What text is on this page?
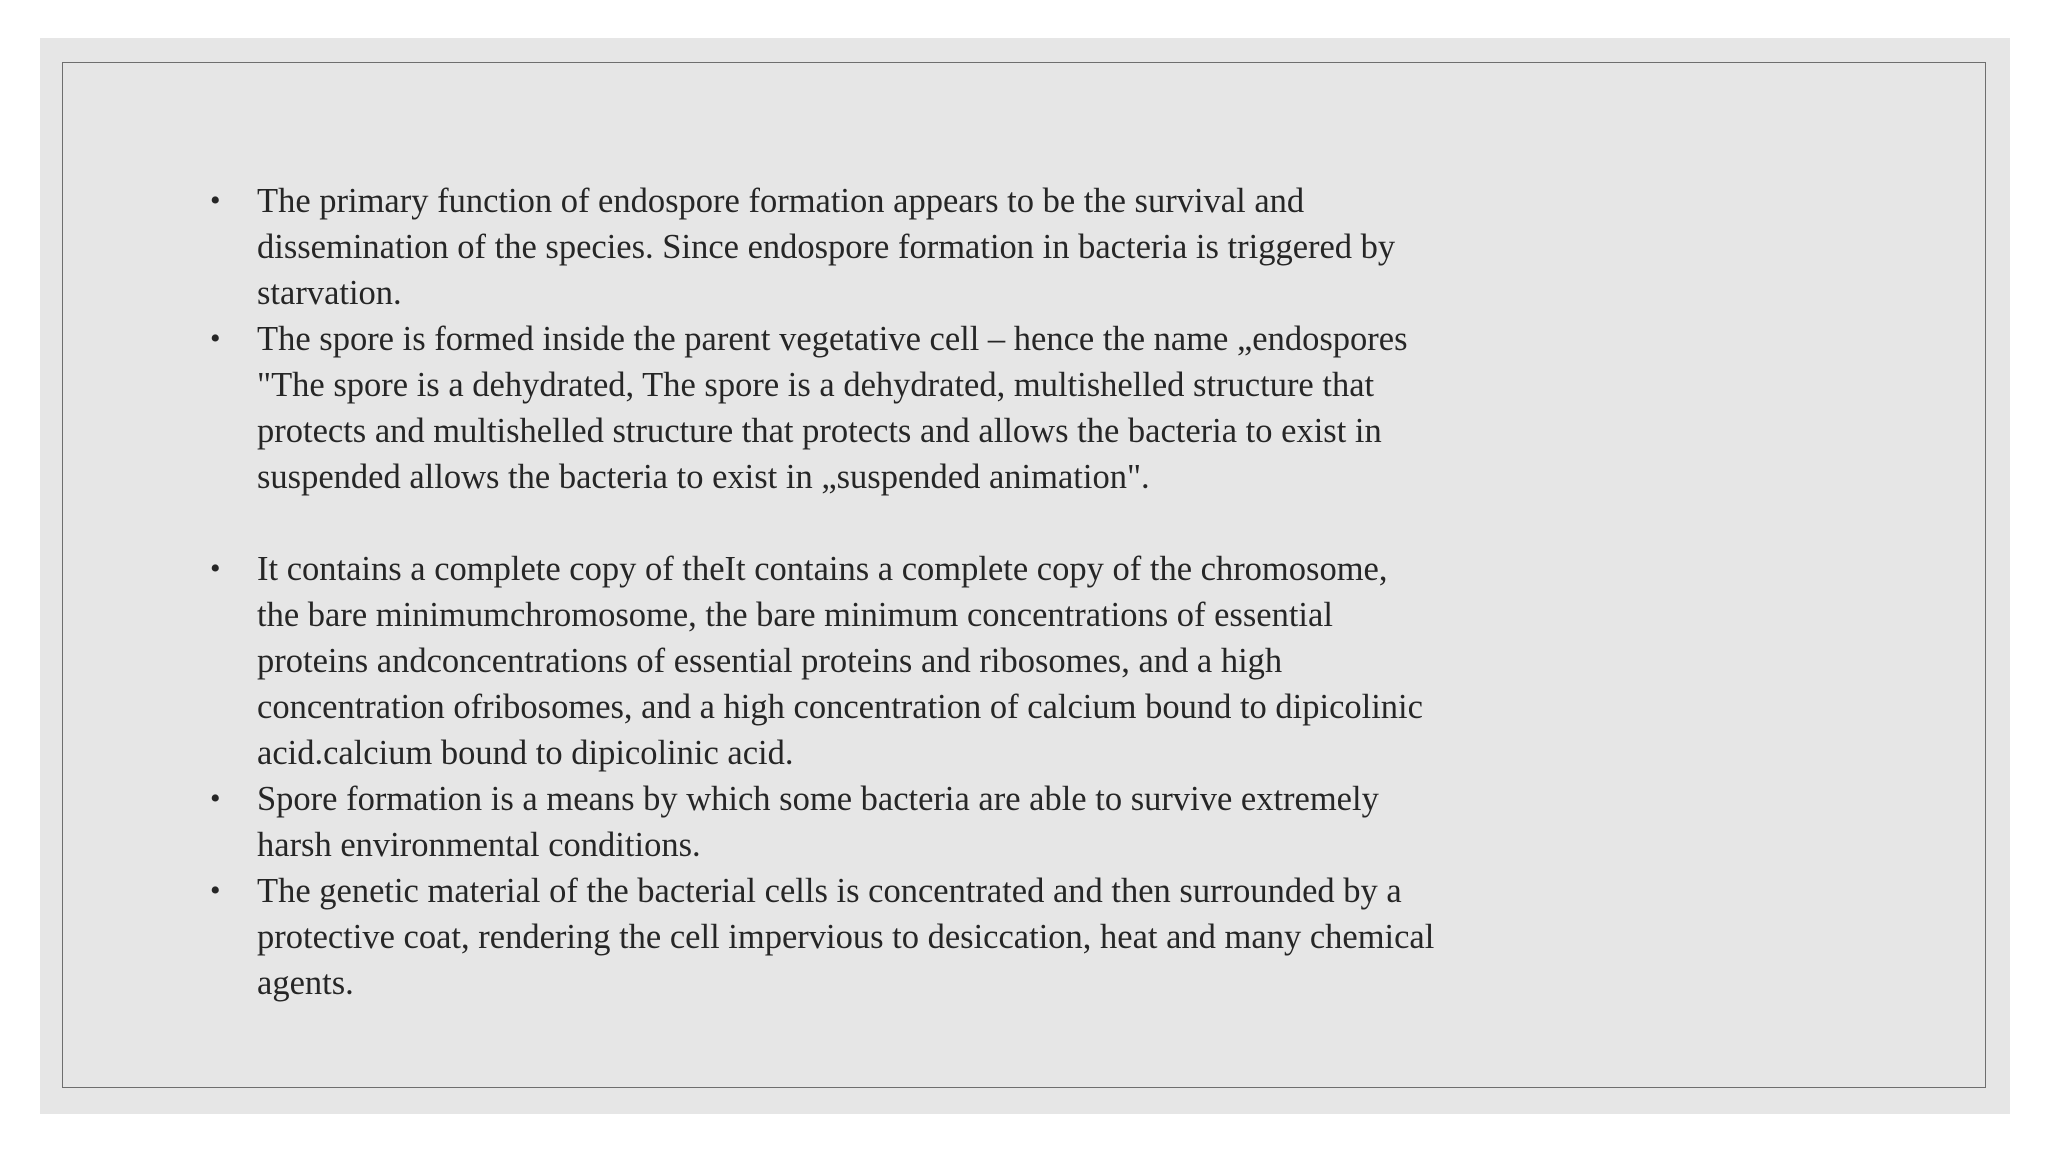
•	The primary function of endospore formation appears to be the survival and
dissemination of the species. Since endospore formation in bacteria is triggered by
starvation.
•	The spore is formed inside the parent vegetative cell – hence the name „endospores
"The spore is a dehydrated, The spore is a dehydrated, multishelled structure that
protects and multishelled structure that protects and allows the bacteria to exist in
suspended allows the bacteria to exist in „suspended animation".
•	It contains a complete copy of theIt contains a complete copy of the chromosome,
the bare minimumchromosome, the bare minimum concentrations of essential
proteins andconcentrations of essential proteins and ribosomes, and a high
concentration ofribosomes, and a high concentration of calcium bound to dipicolinic
acid.calcium bound to dipicolinic acid.
•	Spore formation is a means by which some bacteria are able to survive extremely
harsh environmental conditions.
•	The genetic material of the bacterial cells is concentrated and then surrounded by a
protective coat, rendering the cell impervious to desiccation, heat and many chemical
agents.
